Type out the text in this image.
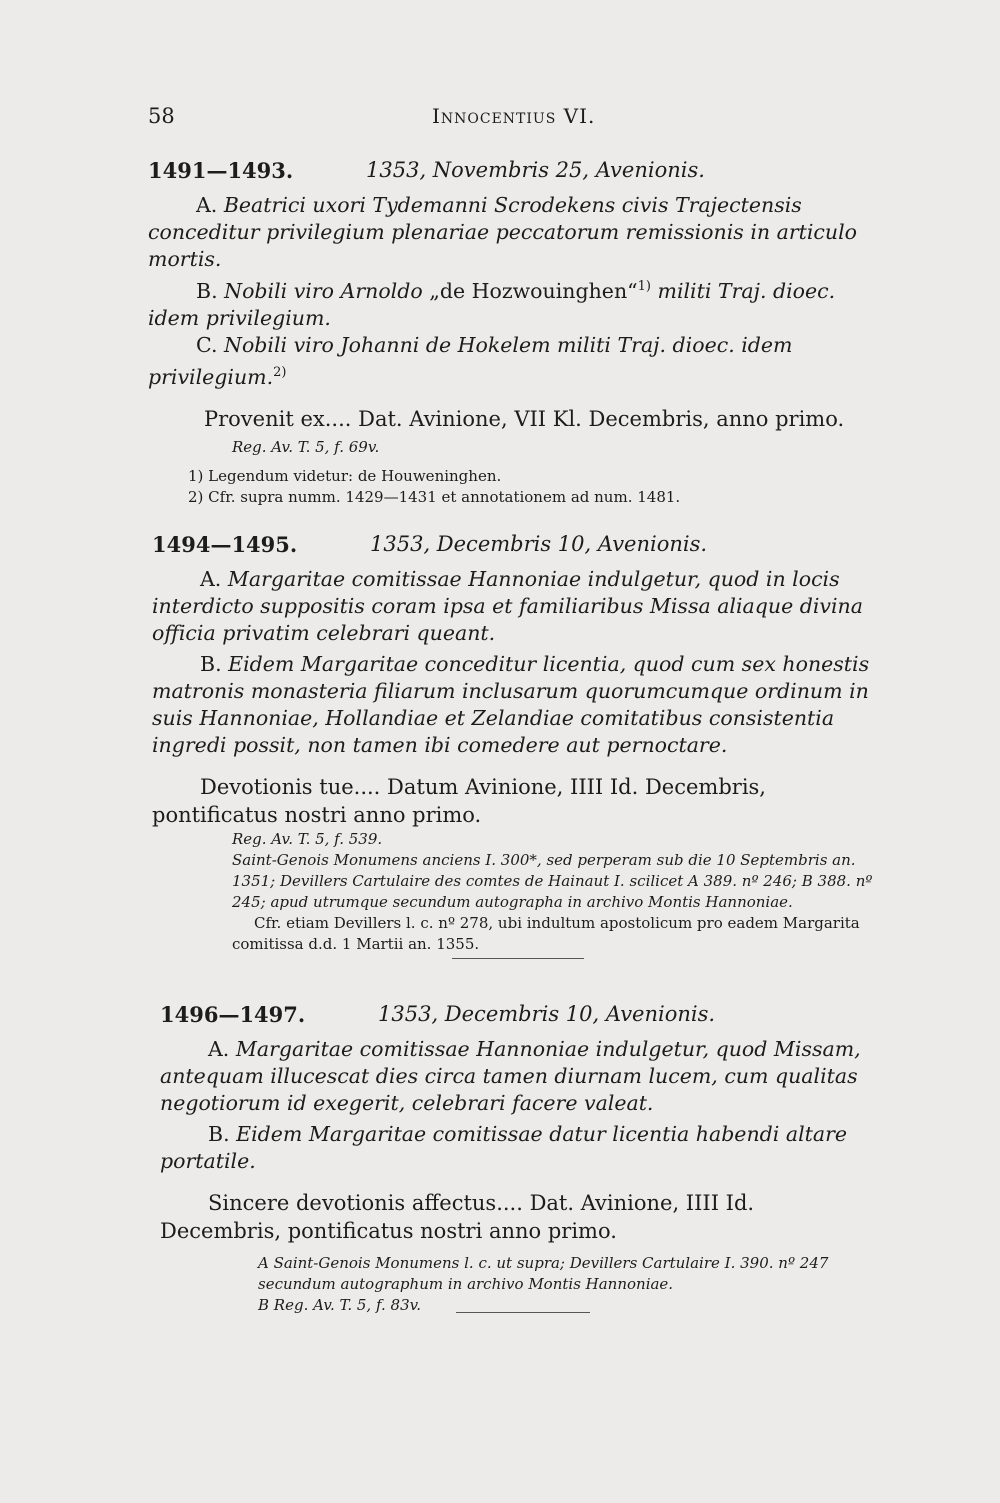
58	Innocentius VI.
1491—1493.	1353, Novembris 25, Avenionis.

A. Beatrici uxori Tydemanni Scrodekens civis Trajectensis conceditur privilegium plenariae peccatorum remissionis in articulo mortis.

B. Nobili viro Arnoldo „de Hozwouinghen“$^{1)}$ militi Traj. dioec. idem privilegium.

C. Nobili viro Johanni de Hokelem militi Traj. dioec. idem privilegium.$^{2)}$

Provenit ex.... Dat. Avinione, VII Kl. Decembris, anno primo.
Reg. Av. T. 5, f. 69v.
1) Legendum videtur: de Houweninghen.
2) Cfr. supra numm. 1429—1431 et annotationem ad num. 1481.
1494—1495.	1353, Decembris 10, Avenionis.

A. Margaritae comitissae Hannoniae indulgetur, quod in locis interdicto suppositis coram ipsa et familiaribus Missa aliaque divina officia privatim celebrari queant.

B. Eidem Margaritae conceditur licentia, quod cum sex honestis matronis monasteria filiarum inclusarum quorumcumque ordinum in suis Hannoniae, Hollandiae et Zelandiae comitatibus consistentia ingredi possit, non tamen ibi comedere aut pernoctare.

Devotionis tue.... Datum Avinione, IIII Id. Decembris, pontificatus nostri anno primo.
Reg. Av. T. 5, f. 539.
Saint-Genois Monumens anciens I. 300*, sed perperam sub die 10 Septembris an. 1351; Devillers Cartulaire des comtes de Hainaut I. scilicet A 389. nº 246; B 388. nº 245; apud utrumque secundum autographa in archivo Montis Hannoniae.
Cfr. etiam Devillers l. c. nº 278, ubi indultum apostolicum pro eadem Margarita comitissa d.d. 1 Martii an. 1355.
1496—1497.	1353, Decembris 10, Avenionis.

A. Margaritae comitissae Hannoniae indulgetur, quod Missam, antequam illucescat dies circa tamen diurnam lucem, cum qualitas negotiorum id exegerit, celebrari facere valeat.

B. Eidem Margaritae comitissae datur licentia habendi altare portatile.

Sincere devotionis affectus.... Dat. Avinione, IIII Id. Decembris, pontificatus nostri anno primo.
A Saint-Genois Monumens l. c. ut supra; Devillers Cartulaire I. 390. nº 247 secundum autographum in archivo Montis Hannoniae.
B Reg. Av. T. 5, f. 83v.
